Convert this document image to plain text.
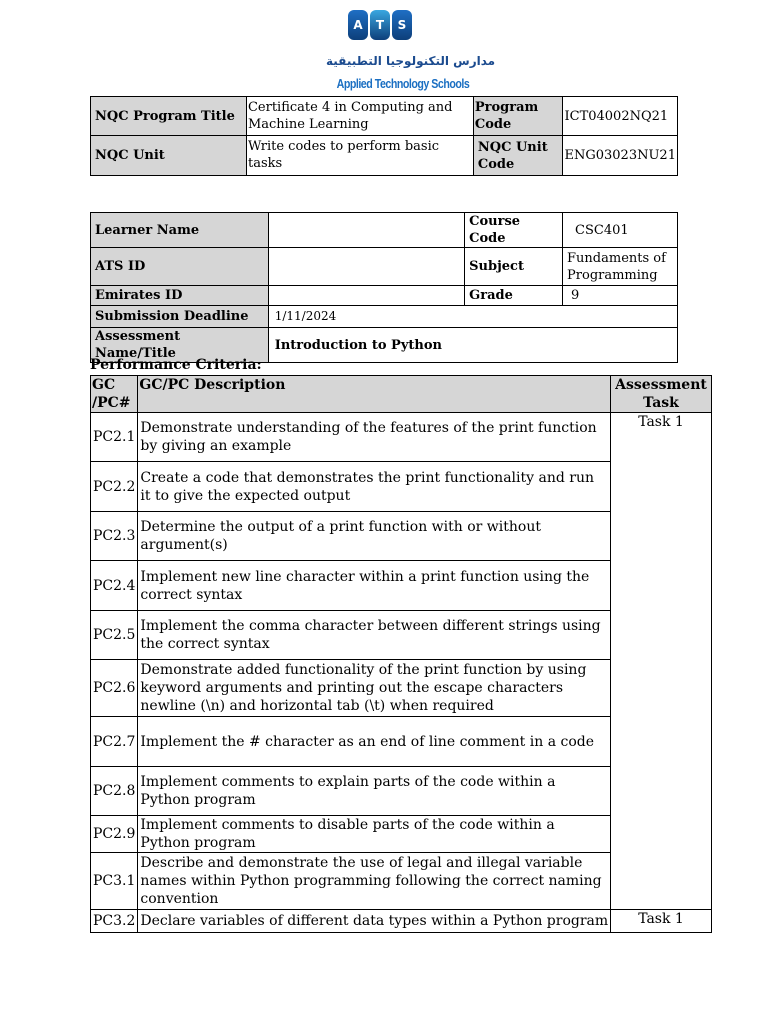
A	T	S
مدارس التكنولوجيا التطبيقية
Applied Technology Schools
NQC Program Title	Certificate 4 in Computing and Machine Learning	Program Code	ICT04002NQ21
NQC Unit	Write codes to perform basic tasks	NQC Unit Code	ENG03023NU21
Learner Name		Course Code	CSC401
ATS ID		Subject	Fundaments of Programming
Emirates ID		Grade	9
Submission Deadline	1/11/2024		
Assessment Name/Title	Introduction to Python		
Performance Criteria:
GC /PC#	GC/PC Description	Assessment Task
PC2.1	Demonstrate understanding of the features of the print function by giving an example	Task 1
PC2.2	Create a code that demonstrates the print functionality and run it to give the expected output	
PC2.3	Determine the output of a print function with or without argument(s)	
PC2.4	Implement new line character within a print function using the correct syntax	
PC2.5	Implement the comma character between different strings using the correct syntax	
PC2.6	Demonstrate added functionality of the print function by using keyword arguments and printing out the escape characters newline (\n) and horizontal tab (\t) when required	
PC2.7	Implement the # character as an end of line comment in a code	
PC2.8	Implement comments to explain parts of the code within a Python program	
PC2.9	Implement comments to disable parts of the code within a Python program	
PC3.1	Describe and demonstrate the use of legal and illegal variable names within Python programming following the correct naming convention	
PC3.2	Declare variables of different data types within a Python program	Task 1
